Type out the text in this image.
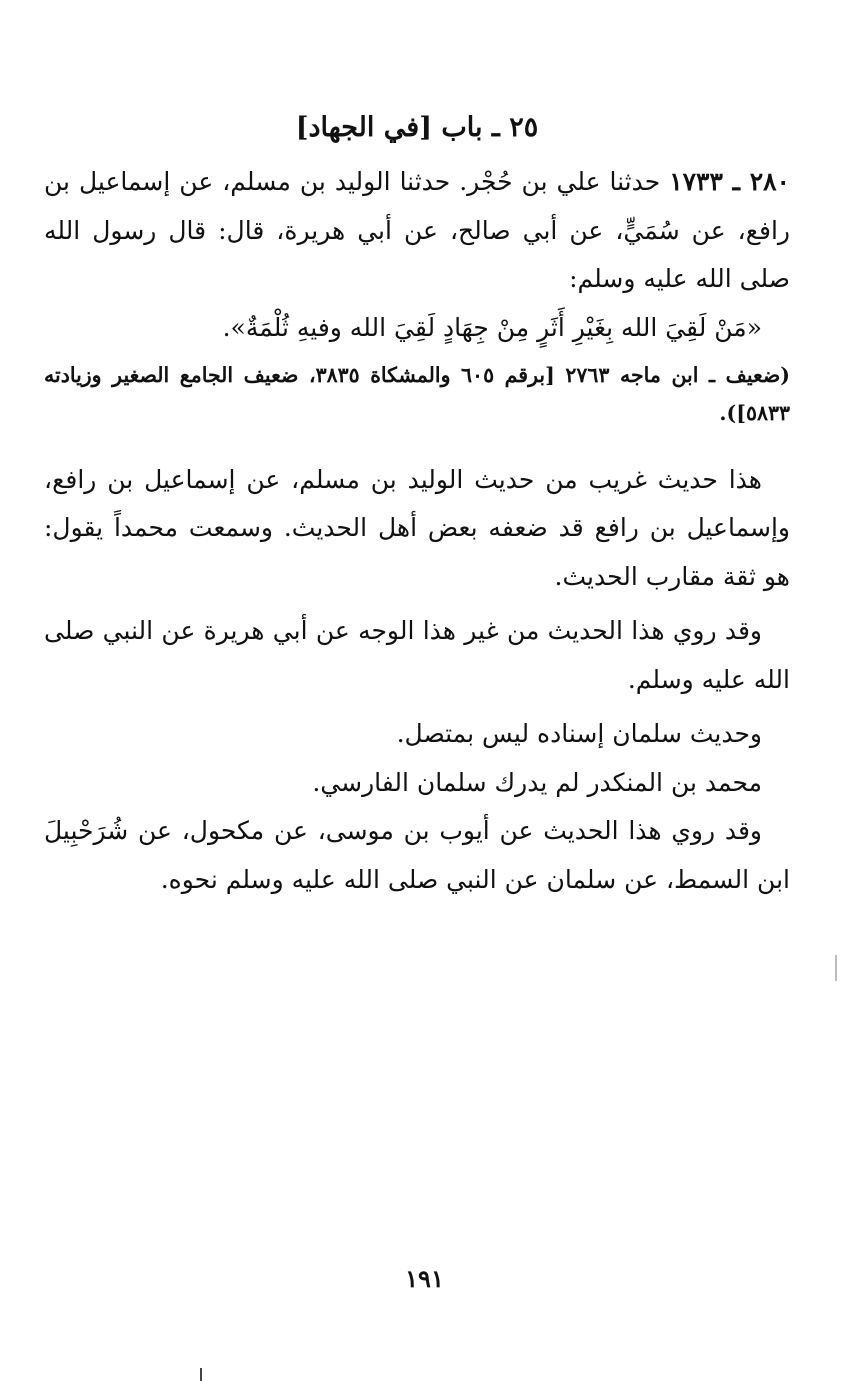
٢٥ ـ باب [في الجهاد]

٢٨٠ ـ ١٧٣٣ حدثنا علي بن حُجْر. حدثنا الوليد بن مسلم، عن إسماعيل بن رافع، عن سُمَيٍّ، عن أبي صالح، عن أبي هريرة، قال: قال رسول الله صلى الله عليه وسلم:

«مَنْ لَقِيَ الله بِغَيْرِ أَثَرٍ مِنْ جِهَادٍ لَقِيَ الله وفيهِ ثُلْمَةٌ».

(ضعيف ـ ابن ماجه ٢٧٦٣ [برقم ٦٠٥ والمشكاة ٣٨٣٥، ضعيف الجامع الصغير وزيادته ٥٨٣٣]).

هذا حديث غريب من حديث الوليد بن مسلم، عن إسماعيل بن رافع، وإسماعيل بن رافع قد ضعفه بعض أهل الحديث. وسمعت محمداً يقول: هو ثقة مقارب الحديث.

وقد روي هذا الحديث من غير هذا الوجه عن أبي هريرة عن النبي صلى الله عليه وسلم.

وحديث سلمان إسناده ليس بمتصل.

محمد بن المنكدر لم يدرك سلمان الفارسي.

وقد روي هذا الحديث عن أيوب بن موسى، عن مكحول، عن شُرَحْبِيلَ ابن السمط، عن سلمان عن النبي صلى الله عليه وسلم نحوه.

١٩١
